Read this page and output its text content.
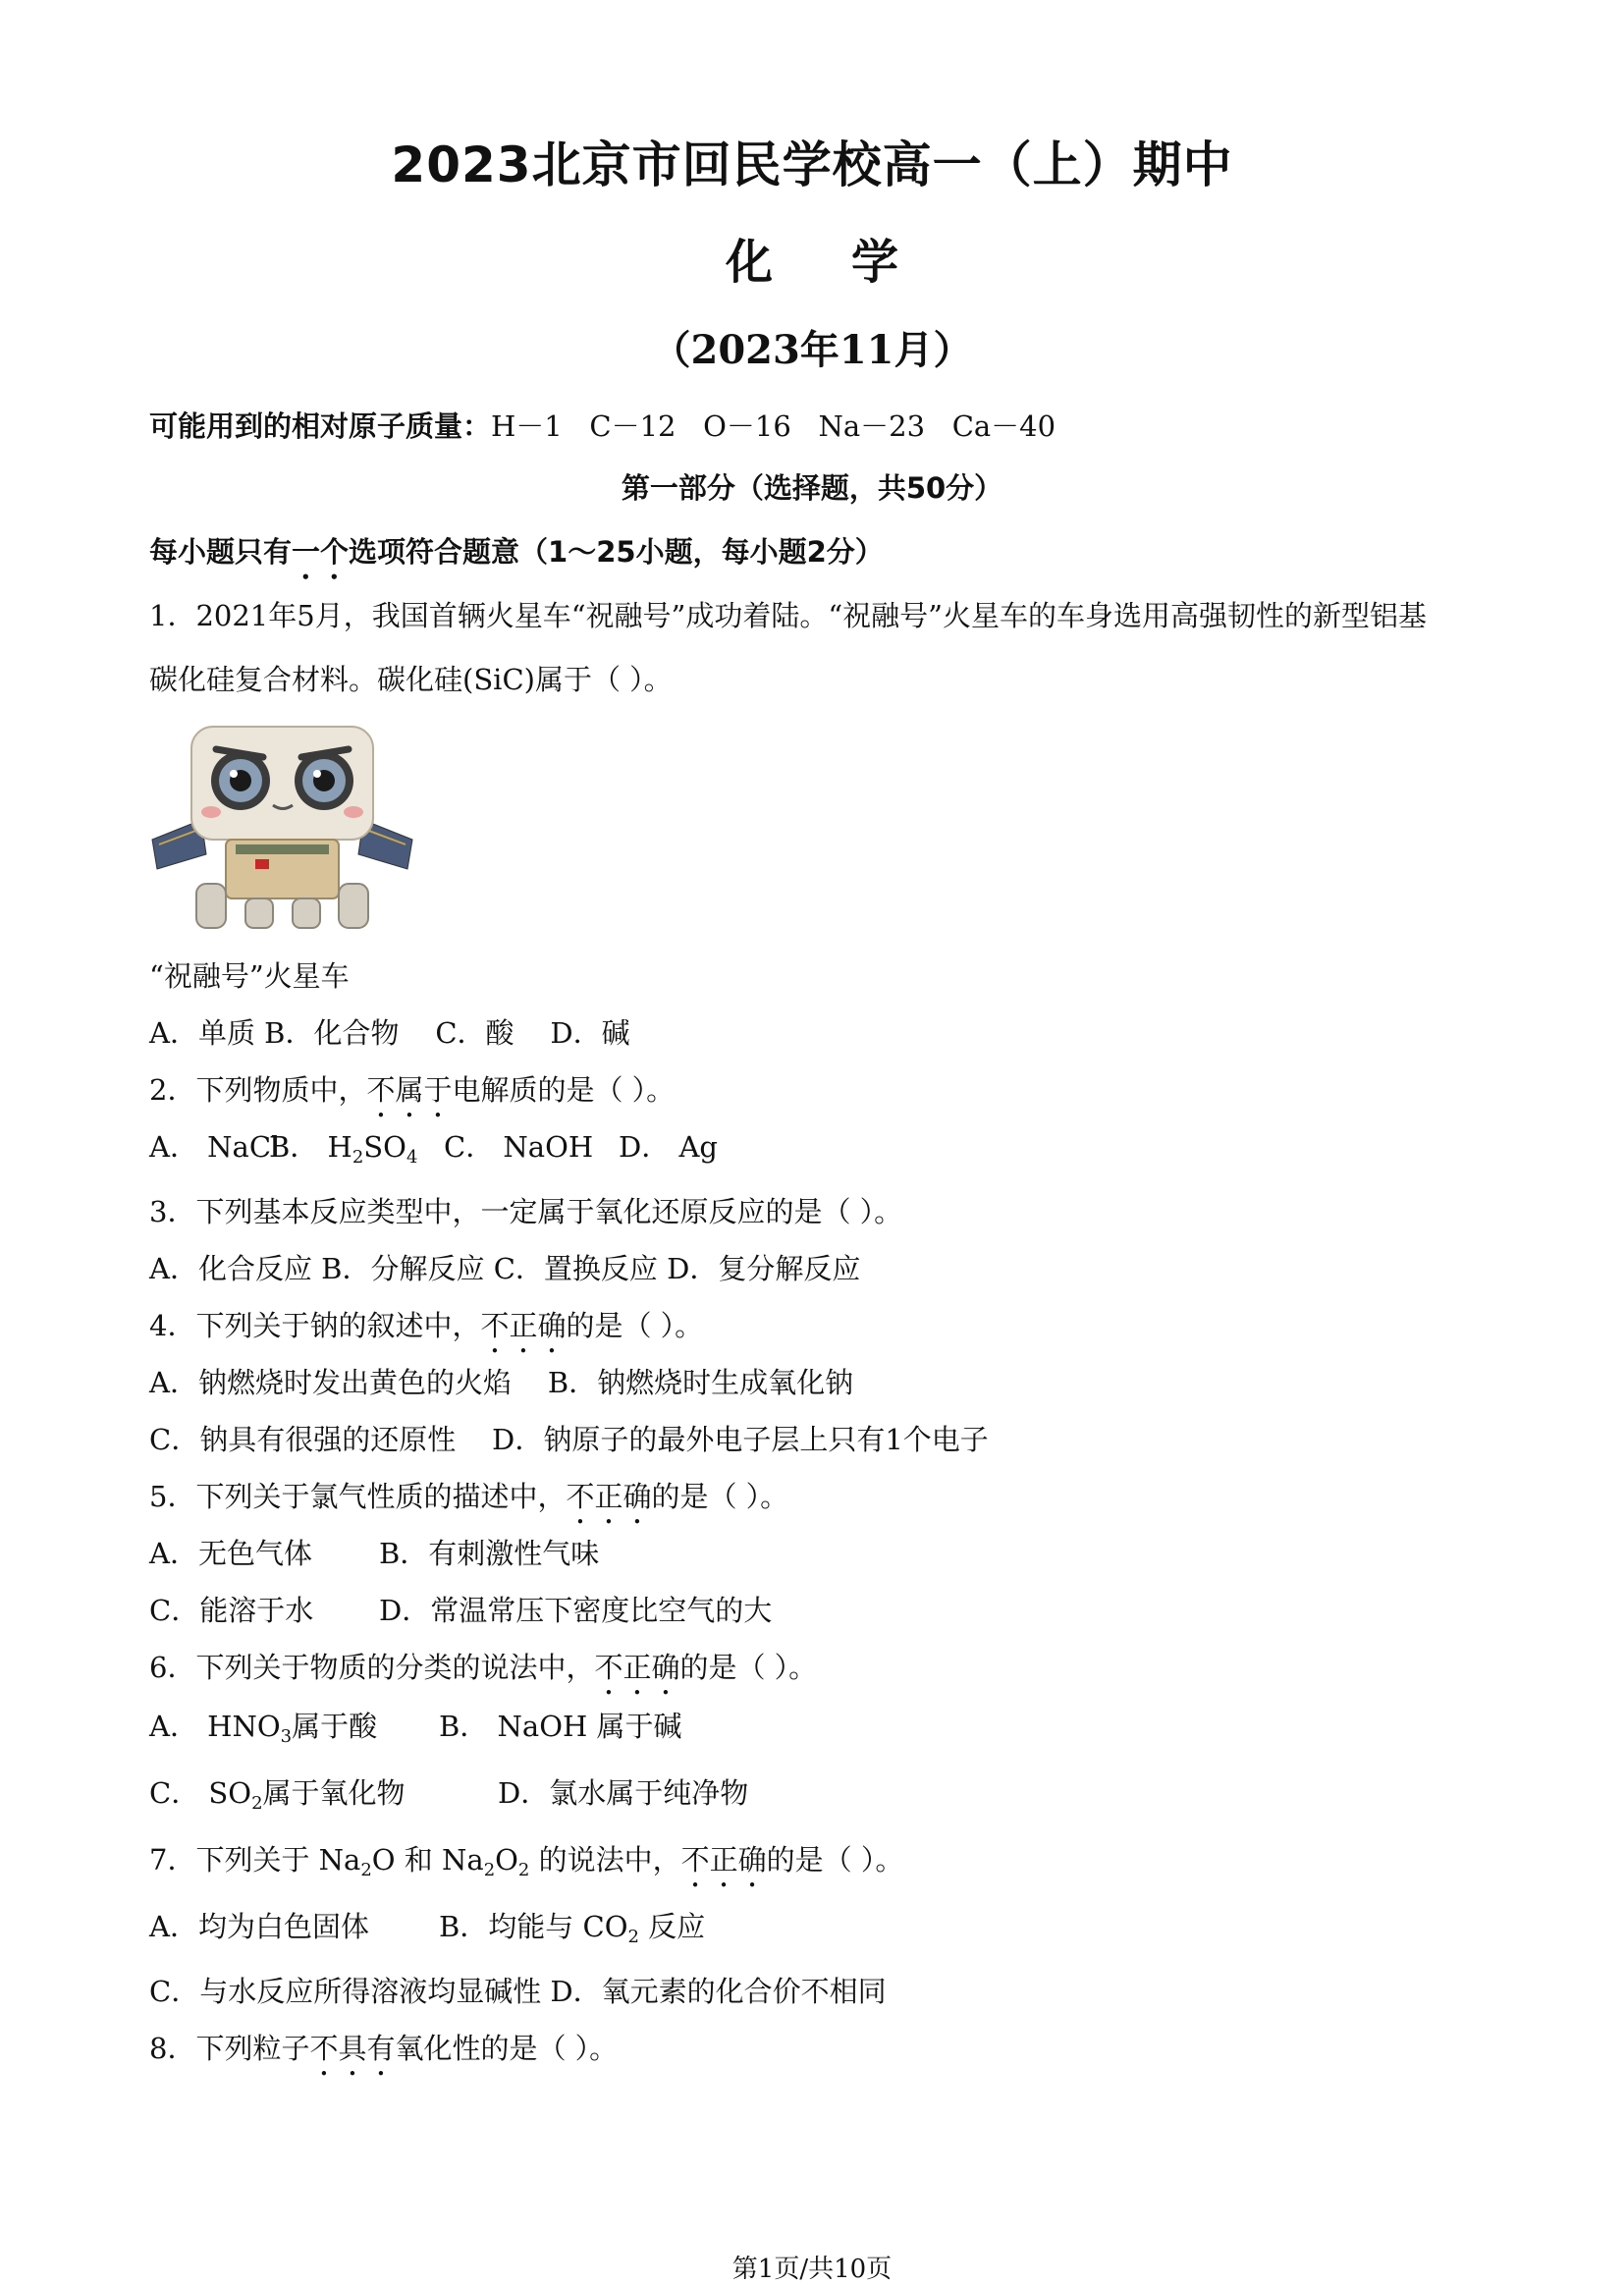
2023北京市回民学校高一（上）期中
化学
（2023年11月）
可能用到的相对原子质量：H－1   C－12   O－16   Na－23   Ca－40
第一部分（选择题，共50分）
每小题只有一个选项符合题意（1～25小题，每小题2分）
1．2021年5月，我国首辆火星车“祝融号”成功着陆。“祝融号”火星车的车身选用高强韧性的新型铝基
碳化硅复合材料。碳化硅(SiC)属于（ ）。
“祝融号”火星车
A．单质 B．化合物    C．酸    D．碱
2．下列物质中，不属于电解质的是（ ）。
A． NaClB． $H_2SO_4$ C． NaOH D． Ag
3．下列基本反应类型中，一定属于氧化还原反应的是（ ）。
A．化合反应 B．分解反应 C．置换反应 D．复分解反应
4．下列关于钠的叙述中，不正确的是（ ）。
A．钠燃烧时发出黄色的火焰    B．钠燃烧时生成氧化钠
C．钠具有很强的还原性    D．钠原子的最外电子层上只有1个电子
5．下列关于氯气性质的描述中，不正确的是（ ）。
A．无色气体 B．有刺激性气味
C．能溶于水 D．常温常压下密度比空气的大
6．下列关于物质的分类的说法中，不正确的是（ ）。
A． $HNO_3$属于酸 B． NaOH 属于碱
C． $SO_2$属于氧化物	D．氯水属于纯净物
7．下列关于 $Na_2O$ 和 $Na_2O_2$ 的说法中，不正确的是（ ）。
A．均为白色固体 B．均能与 $CO_2$ 反应
C．与水反应所得溶液均显碱性 D．氧元素的化合价不相同
8．下列粒子不具有氧化性的是（ ）。
第1页/共10页
